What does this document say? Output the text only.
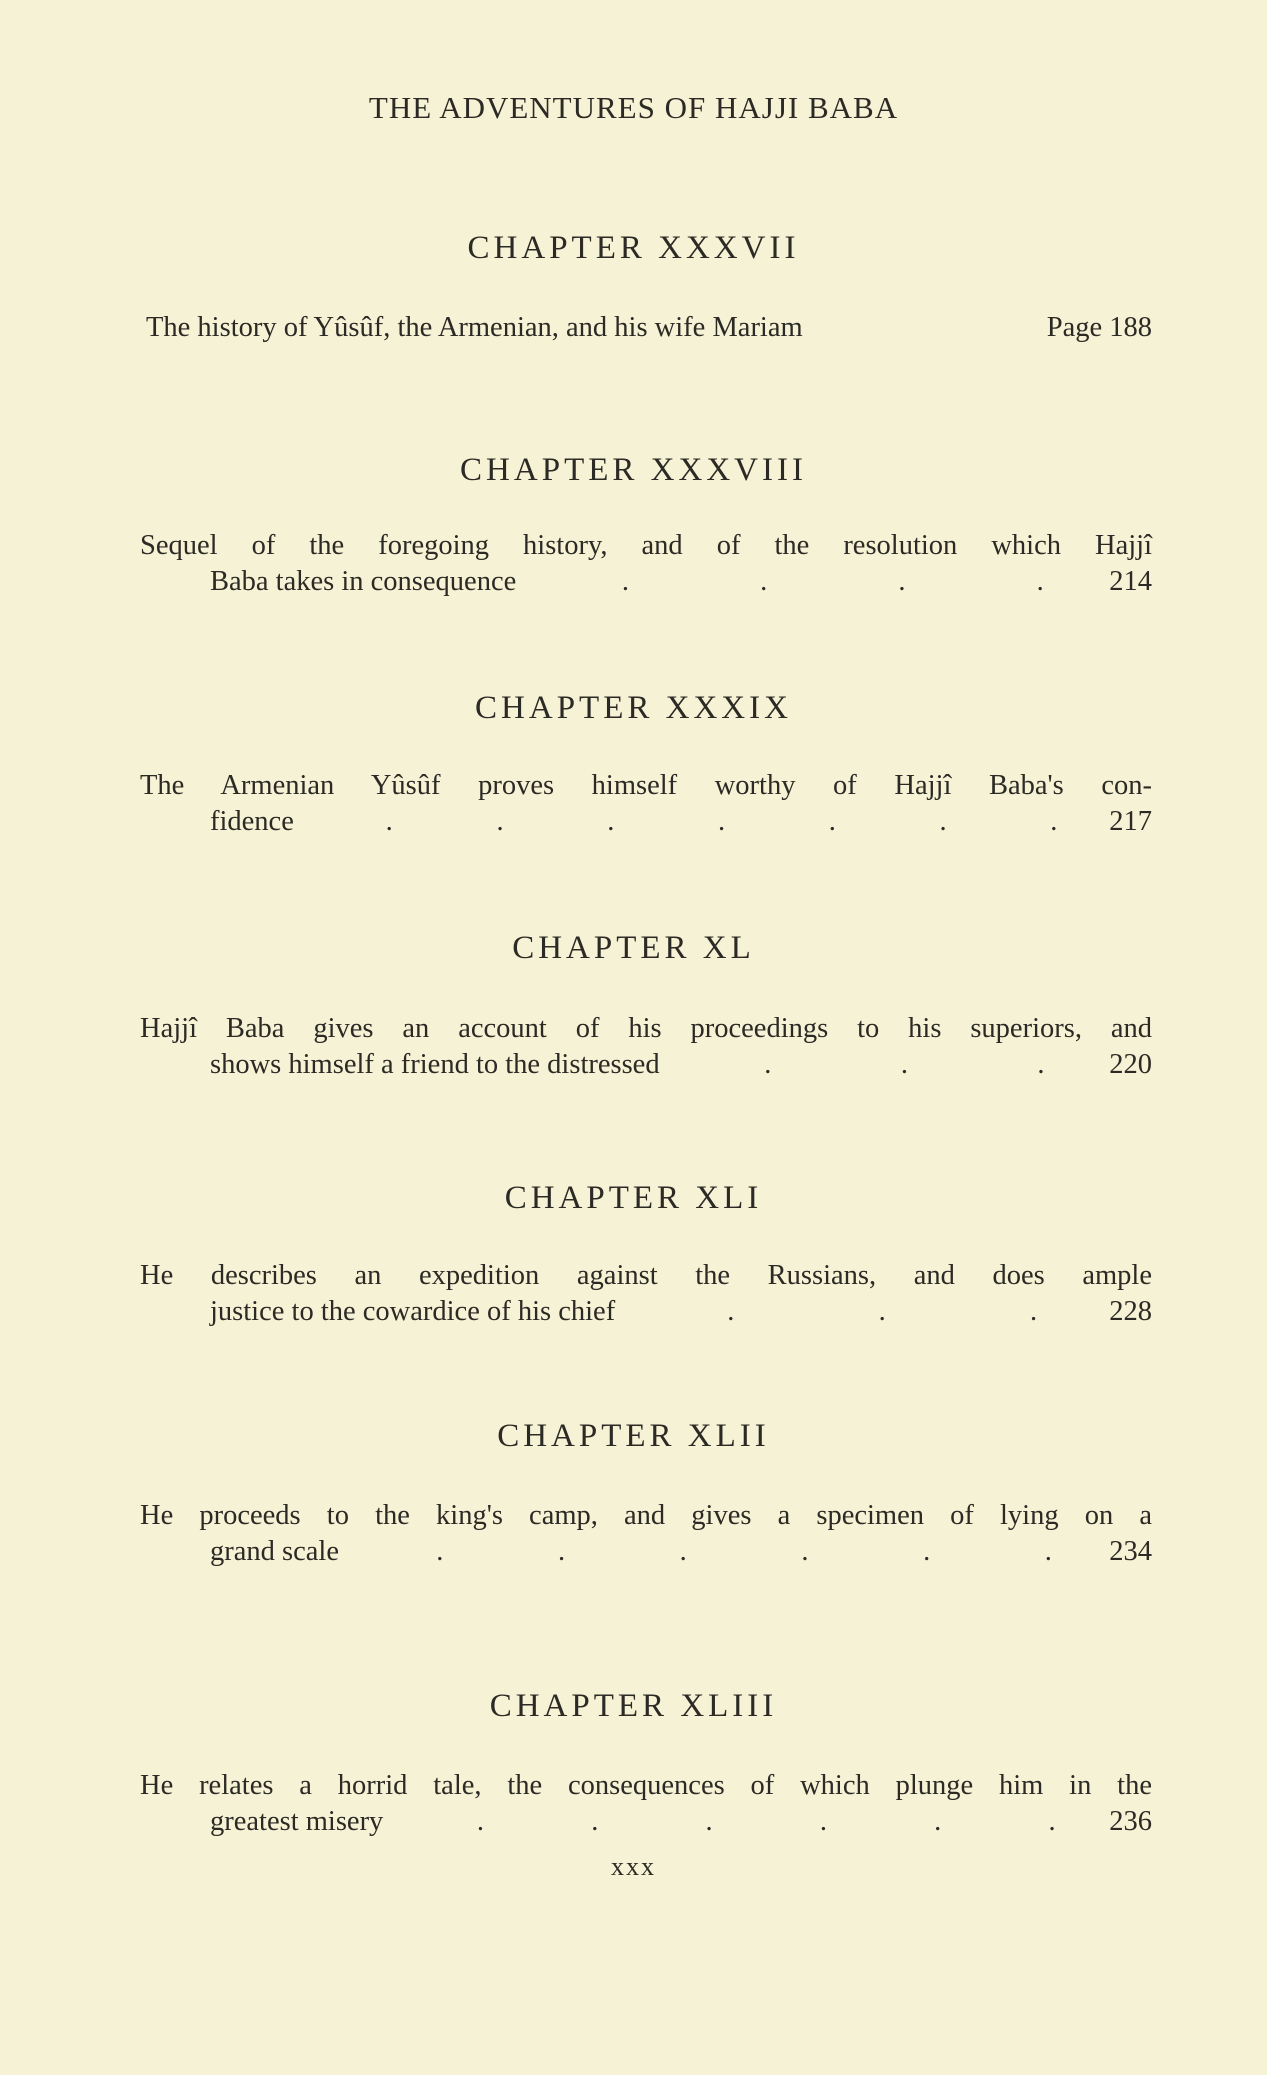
THE ADVENTURES OF HAJJI BABA
CHAPTER XXXVII
The history of Yûsûf, the Armenian, and his wife Mariam	Page 188
CHAPTER XXXVIII
Sequel of the foregoing history, and of the resolution which Hajjî
Baba takes in consequence	.	.	.	. 214
CHAPTER XXXIX
The Armenian Yûsûf proves himself worthy of Hajjî Baba's con-
fidence	.	.	.	.	.	.	. 217
CHAPTER XL
Hajjî Baba gives an account of his proceedings to his superiors, and
shows himself a friend to the distressed	.	.	. 220
CHAPTER XLI
He describes an expedition against the Russians, and does ample
justice to the cowardice of his chief	.	.	.	228
CHAPTER XLII
He proceeds to the king's camp, and gives a specimen of lying on a
grand scale	.	.	.	.	.	. 234
CHAPTER XLIII
He relates a horrid tale, the consequences of which plunge him in the
greatest misery	.	.	.	.	.	. 236
xxx
